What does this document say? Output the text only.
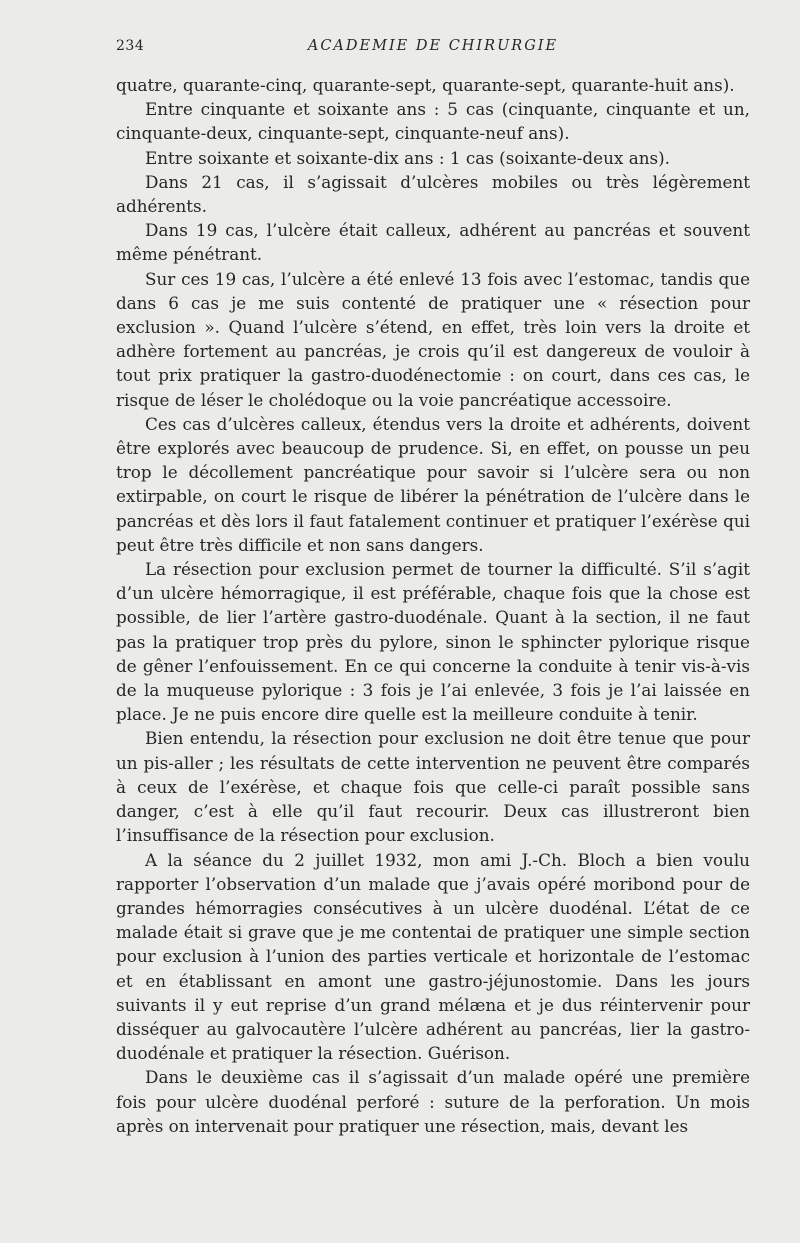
234	ACADEMIE DE CHIRURGIE

quatre, quarante-cinq, quarante-sept, quarante-sept, quarante-huit ans).

Entre cinquante et soixante ans : 5 cas (cinquante, cinquante et un, cinquante-deux, cinquante-sept, cinquante-neuf ans).

Entre soixante et soixante-dix ans : 1 cas (soixante-deux ans).

Dans 21 cas, il s’agissait d’ulcères mobiles ou très légèrement adhérents.

Dans 19 cas, l’ulcère était calleux, adhérent au pancréas et souvent même pénétrant.

Sur ces 19 cas, l’ulcère a été enlevé 13 fois avec l’estomac, tandis que dans 6 cas je me suis contenté de pratiquer une « résection pour exclusion ». Quand l’ulcère s’étend, en effet, très loin vers la droite et adhère fortement au pancréas, je crois qu’il est dangereux de vouloir à tout prix pratiquer la gastro-duodénectomie : on court, dans ces cas, le risque de léser le cholédoque ou la voie pancréatique accessoire.

Ces cas d’ulcères calleux, étendus vers la droite et adhérents, doivent être explorés avec beaucoup de prudence. Si, en effet, on pousse un peu trop le décollement pancréatique pour savoir si l’ulcère sera ou non extirpable, on court le risque de libérer la pénétration de l’ulcère dans le pancréas et dès lors il faut fatalement continuer et pratiquer l’exérèse qui peut être très difficile et non sans dangers.

La résection pour exclusion permet de tourner la difficulté. S’il s’agit d’un ulcère hémorragique, il est préférable, chaque fois que la chose est possible, de lier l’artère gastro-duodénale. Quant à la section, il ne faut pas la pratiquer trop près du pylore, sinon le sphincter pylorique risque de gêner l’enfouissement. En ce qui concerne la conduite à tenir vis-à-vis de la muqueuse pylorique : 3 fois je l’ai enlevée, 3 fois je l’ai laissée en place. Je ne puis encore dire quelle est la meilleure conduite à tenir.

Bien entendu, la résection pour exclusion ne doit être tenue que pour un pis-aller ; les résultats de cette intervention ne peuvent être comparés à ceux de l’exérèse, et chaque fois que celle-ci paraît possible sans danger, c’est à elle qu’il faut recourir. Deux cas illustreront bien l’insuffisance de la résection pour exclusion.

A la séance du 2 juillet 1932, mon ami J.-Ch. Bloch a bien voulu rapporter l’observation d’un malade que j’avais opéré moribond pour de grandes hémorragies consécutives à un ulcère duodénal. L’état de ce malade était si grave que je me contentai de pratiquer une simple section pour exclusion à l’union des parties verticale et horizontale de l’estomac et en établissant en amont une gastro-jéjunostomie. Dans les jours suivants il y eut reprise d’un grand mélæna et je dus réintervenir pour disséquer au galvocautère l’ulcère adhérent au pancréas, lier la gastro-duodénale et pratiquer la résection. Guérison.

Dans le deuxième cas il s’agissait d’un malade opéré une première fois pour ulcère duodénal perforé : suture de la perforation. Un mois après on intervenait pour pratiquer une résection, mais, devant les
